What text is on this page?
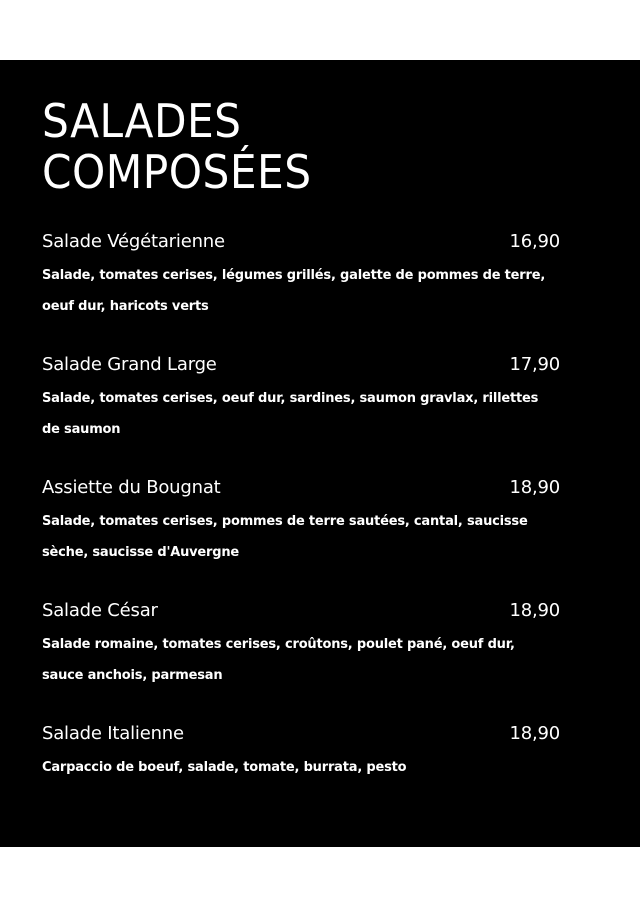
SALADES
COMPOSÉES
Salade Végétarienne	16,90
Salade, tomates cerises, légumes grillés, galette de pommes de terre, oeuf dur, haricots verts
Salade Grand Large	17,90
Salade, tomates cerises, oeuf dur, sardines, saumon gravlax, rillettes de saumon
Assiette du Bougnat	18,90
Salade, tomates cerises, pommes de terre sautées, cantal, saucisse sèche, saucisse d'Auvergne
Salade César	18,90
Salade romaine, tomates cerises, croûtons, poulet pané, oeuf dur, sauce anchois, parmesan
Salade Italienne	18,90
Carpaccio de boeuf, salade, tomate, burrata, pesto
